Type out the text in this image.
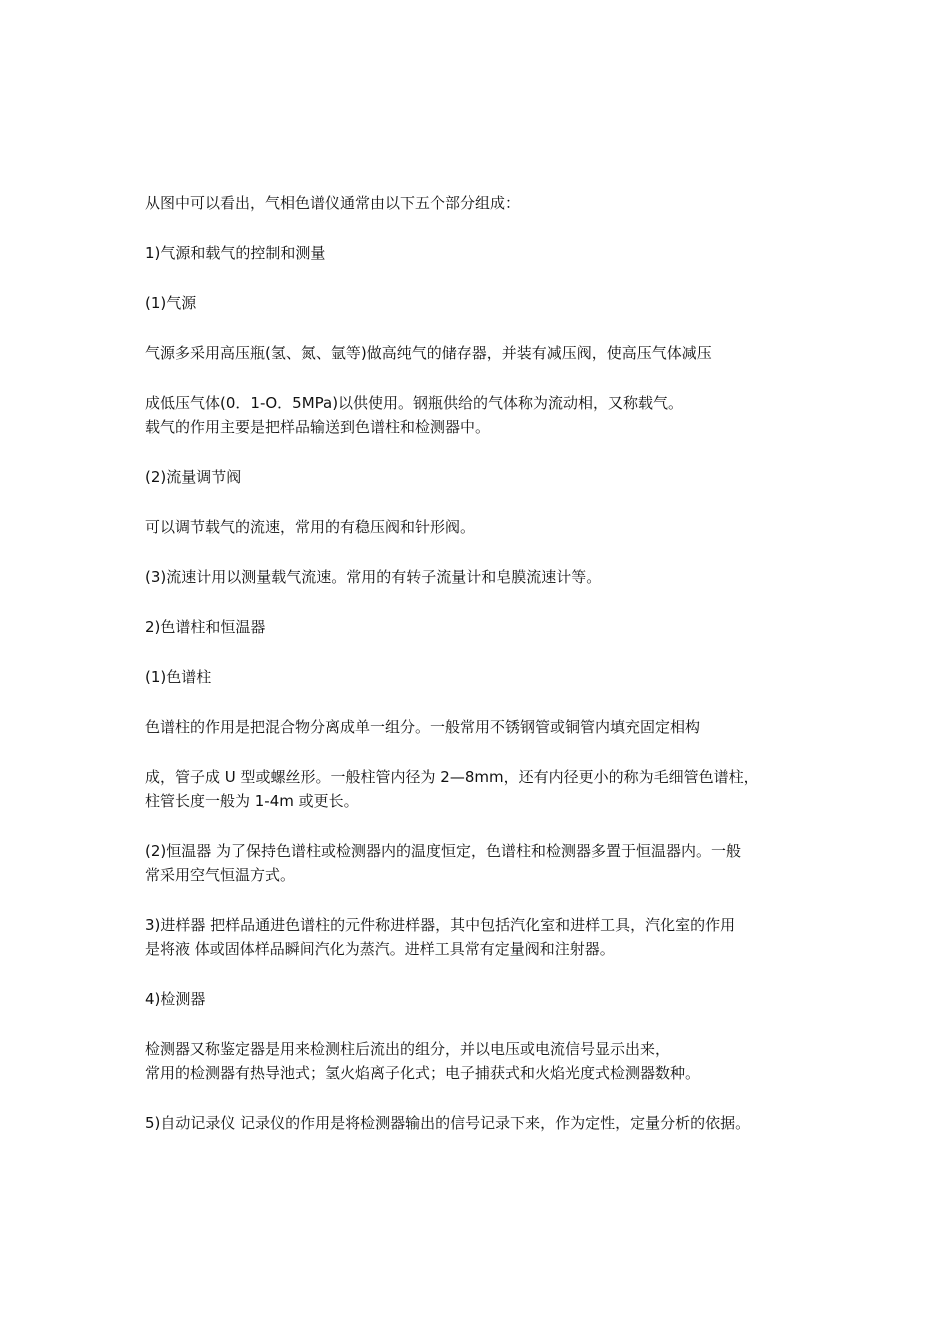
从图中可以看出，气相色谱仪通常由以下五个部分组成：
1)气源和载气的控制和测量
(1)气源
气源多采用高压瓶(氢、氮、氩等)做高纯气的储存器，并装有减压阀，使高压气体减压
成低压气体(0．1-O．5MPa)以供使用。钢瓶供给的气体称为流动相，又称载气。
载气的作用主要是把样品输送到色谱柱和检测器中。
(2)流量调节阀
可以调节载气的流速，常用的有稳压阀和针形阀。
(3)流速计用以测量载气流速。常用的有转子流量计和皂膜流速计等。
2)色谱柱和恒温器
(1)色谱柱
色谱柱的作用是把混合物分离成单一组分。一般常用不锈钢管或铜管内填充固定相构
成，管子成 U 型或螺丝形。一般柱管内径为 2—8mm，还有内径更小的称为毛细管色谱柱，
柱管长度一般为 1-4m 或更长。
(2)恒温器 为了保持色谱柱或检测器内的温度恒定，色谱柱和检测器多置于恒温器内。一般
常采用空气恒温方式。
3)进样器 把样品通进色谱柱的元件称进样器，其中包括汽化室和进样工具，汽化室的作用
是将液 体或固体样品瞬间汽化为蒸汽。进样工具常有定量阀和注射器。
4)检测器
检测器又称鉴定器是用来检测柱后流出的组分，并以电压或电流信号显示出来，
常用的检测器有热导池式；氢火焰离子化式；电子捕获式和火焰光度式检测器数种。
5)自动记录仪 记录仪的作用是将检测器输出的信号记录下来，作为定性，定量分析的依据。
